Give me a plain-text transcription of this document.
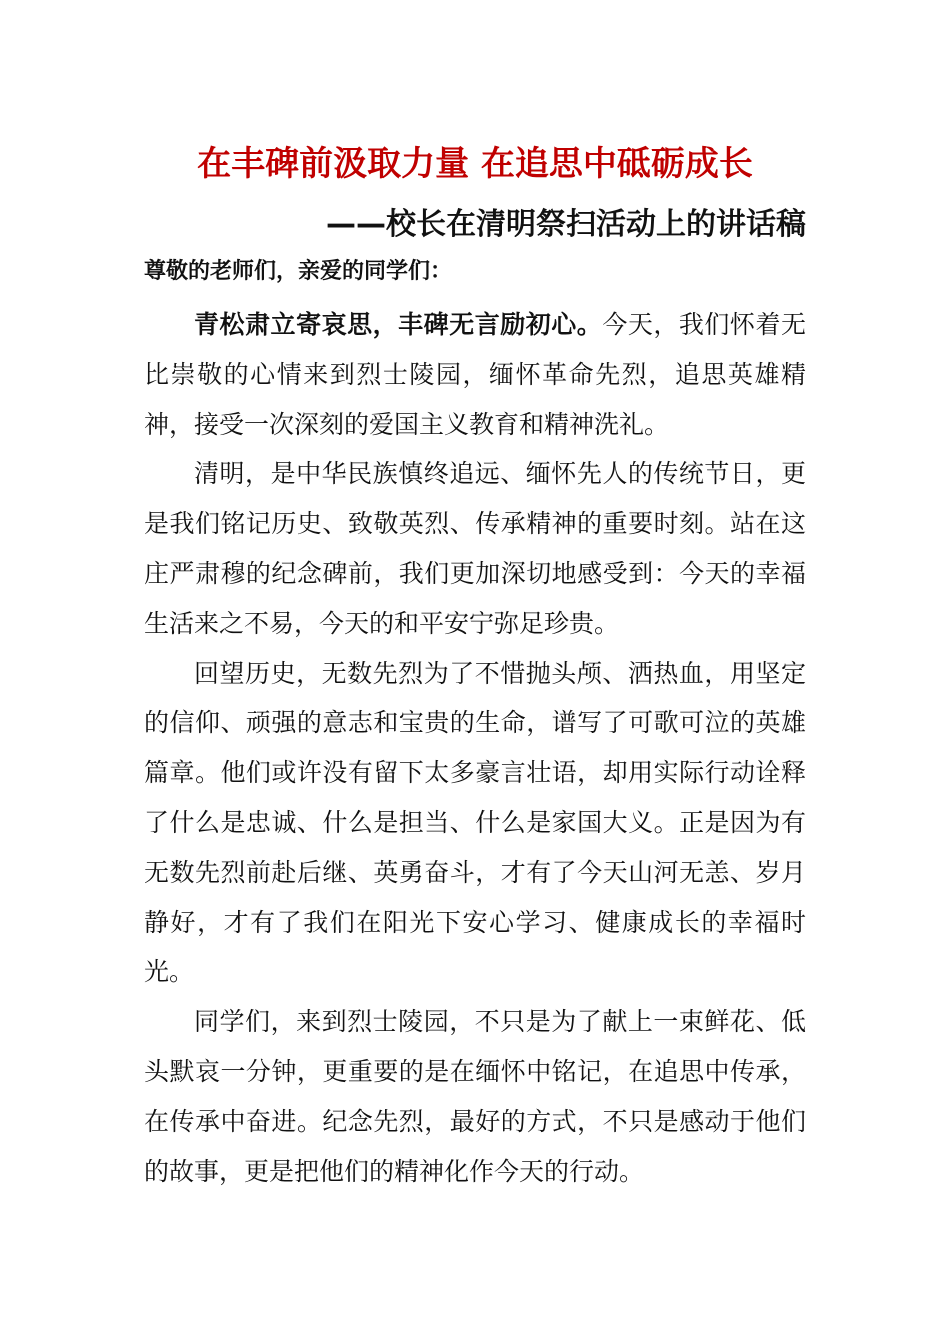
在丰碑前汲取力量 在追思中砥砺成长
——校长在清明祭扫活动上的讲话稿
尊敬的老师们，亲爱的同学们：

青松肃立寄哀思，丰碑无言励初心。今天，我们怀着无比崇敬的心情来到烈士陵园，缅怀革命先烈，追思英雄精神，接受一次深刻的爱国主义教育和精神洗礼。

清明，是中华民族慎终追远、缅怀先人的传统节日，更是我们铭记历史、致敬英烈、传承精神的重要时刻。站在这庄严肃穆的纪念碑前，我们更加深切地感受到：今天的幸福生活来之不易，今天的和平安宁弥足珍贵。

回望历史，无数先烈为了不惜抛头颅、洒热血，用坚定的信仰、顽强的意志和宝贵的生命，谱写了可歌可泣的英雄篇章。他们或许没有留下太多豪言壮语，却用实际行动诠释了什么是忠诚、什么是担当、什么是家国大义。正是因为有无数先烈前赴后继、英勇奋斗，才有了今天山河无恙、岁月静好，才有了我们在阳光下安心学习、健康成长的幸福时光。

同学们，来到烈士陵园，不只是为了献上一束鲜花、低头默哀一分钟，更重要的是在缅怀中铭记，在追思中传承，在传承中奋进。纪念先烈，最好的方式，不只是感动于他们的故事，更是把他们的精神化作今天的行动。
